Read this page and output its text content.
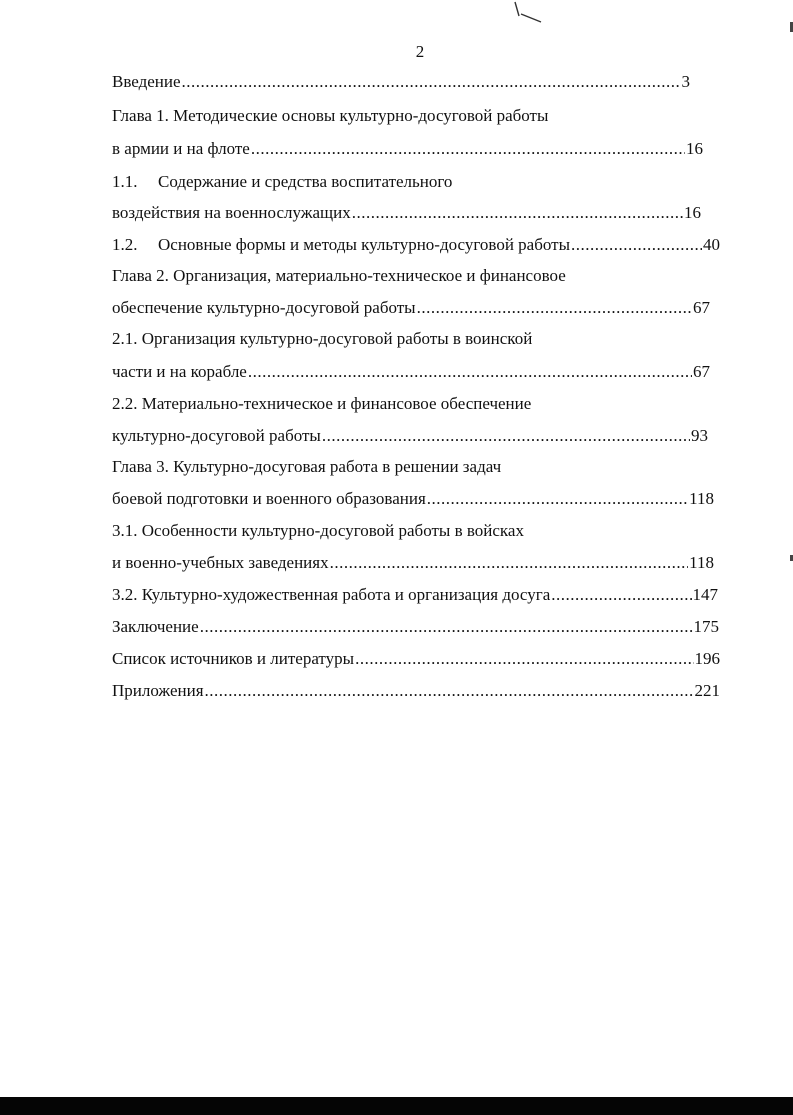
2
Введение .....	3
Глава 1. Методические основы культурно-досуговой работы
в армии и на флоте .....	16
1.1.	Содержание и средства воспитательного
воздействия на военнослужащих .....	16
1.2.	Основные формы и методы культурно-досуговой работы .....	40
Глава 2. Организация, материально-техническое и финансовое
обеспечение культурно-досуговой работы .....	67
2.1. Организация культурно-досуговой работы в воинской
части и на корабле .....	67
2.2. Материально-техническое и финансовое обеспечение
культурно-досуговой работы .....	93
Глава 3. Культурно-досуговая работа в решении задач
боевой подготовки и военного образования .....	118
3.1. Особенности культурно-досуговой работы в войсках
и военно-учебных заведениях .....	118
3.2. Культурно-художественная работа и организация досуга .....	147
Заключение .....	175
Список источников и литературы .....	196
Приложения .....	221
